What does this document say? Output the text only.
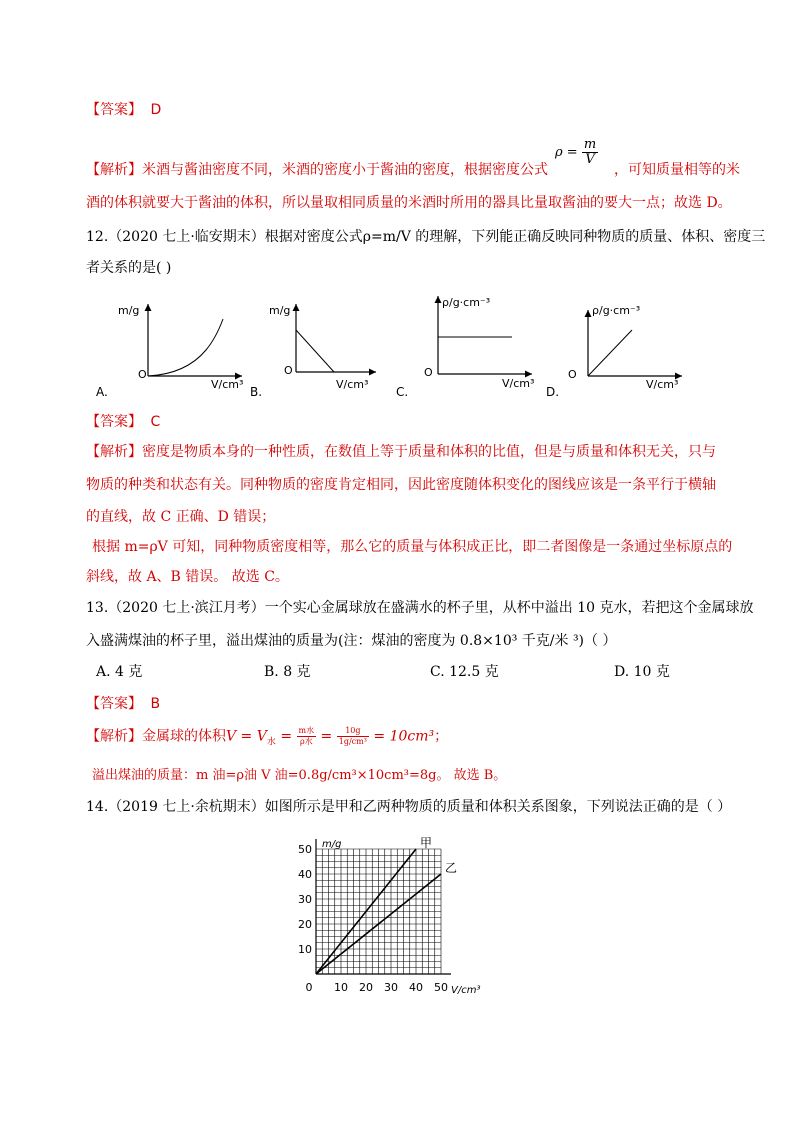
【答案】 D
$\rho = \frac{m}{V}$
【解析】米酒与酱油密度不同，米酒的密度小于酱油的密度，根据密度公式	，可知质量相等的米
酒的体积就要大于酱油的体积，所以量取相同质量的米酒时所用的器具比量取酱油的要大一点；故选 D。
12.（2020 七上·临安期末）根据对密度公式ρ=m/V 的理解，下列能正确反映同种物质的质量、体积、密度三
者关系的是( )
m/g
O
V/cm³
A.
m/g
O
V/cm³
B.
ρ/g·cm⁻³
O
V/cm³
C.
ρ/g·cm⁻³
O
V/cm³
D.
【答案】 C
【解析】密度是物质本身的一种性质，在数值上等于质量和体积的比值，但是与质量和体积无关，只与
物质的种类和状态有关。同种物质的密度肯定相同，因此密度随体积变化的图线应该是一条平行于横轴
的直线，故 C 正确、D 错误；
根据 m=ρV 可知，同种物质密度相等，那么它的质量与体积成正比，即二者图像是一条通过坐标原点的
斜线，故 A、B 错误。 故选 C。
13.（2020 七上·滨江月考）一个实心金属球放在盛满水的杯子里，从杯中溢出 10 克水，若把这个金属球放
入盛满煤油的杯子里，溢出煤油的质量为(注：煤油的密度为 0.8×10³ 千克/米 ³)（ ）
A. 4 克	B. 8 克	C. 12.5 克	D. 10 克
【答案】 B
【解析】金属球的体积$V = V_水 = \frac{\text{m水}}{\text{ρ水}} = \frac{10g}{\text{1g/cm³}} = 10cm^3$；
溢出煤油的质量：m 油=ρ油 V 油=0.8g/cm³×10cm³=8g。 故选 B。
14.（2019 七上·余杭期末）如图所示是甲和乙两种物质的质量和体积关系图象，下列说法正确的是（ ）
0 10 20 30 40 50
10
20
30
40
50 m/g
V/cm³
甲
乙
